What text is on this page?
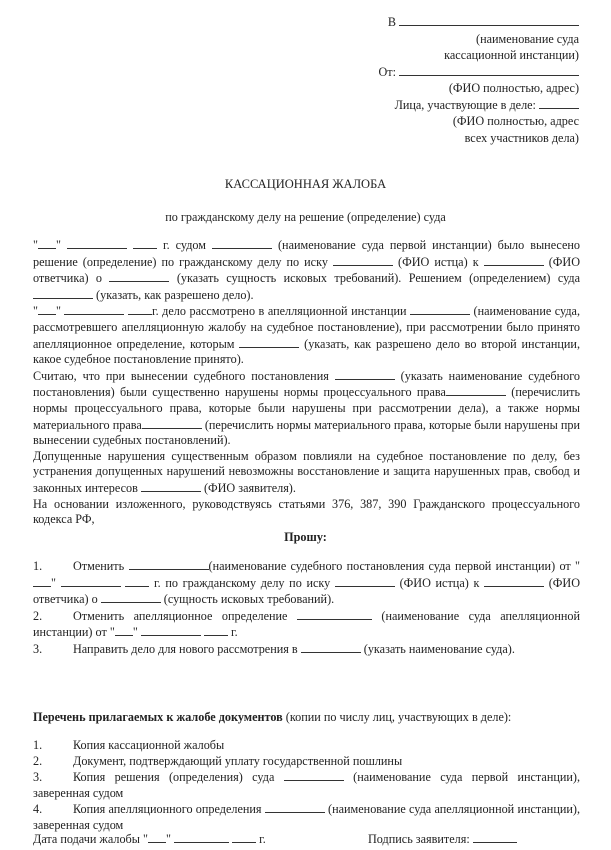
В
(наименование суда
кассационной инстанции)
От:
(ФИО полностью, адрес)
Лица, участвующие в деле:
(ФИО полностью, адрес
всех участников дела)
КАССАЦИОННАЯ ЖАЛОБА
по гражданскому делу на решение (определение) суда

" "	г. судом	(наименование суда первой инстанции) было вынесено решение (определение) по гражданскому делу по иску	(ФИО истца) к	(ФИО ответчика) о	(указать сущность исковых требований). Решением (определением) суда  (указать, как разрешено дело).

" "	г. дело рассмотрено в апелляционной инстанции	(наименование суда, рассмотревшего апелляционную жалобу на судебное постановление), при рассмотрении было принято апелляционное определение, которым	(указать, как разрешено дело во второй инстанции, какое судебное постановление принято).

Считаю, что при вынесении судебного постановления	(указать наименование судебного постановления) были существенно нарушены нормы процессуального права	(перечислить нормы процессуального права, которые были нарушены при рассмотрении дела), а также нормы материального права	(перечислить нормы материального права, которые были нарушены при вынесении судебных постановлений).

Допущенные нарушения существенным образом повлияли на судебное постановление по делу, без устранения допущенных нарушений невозможны восстановление и защита нарушенных прав, свобод и законных интересов	(ФИО заявителя).

На основании изложенного, руководствуясь статьями 376, 387, 390 Гражданского процессуального кодекса РФ,

Прошу:

1.	Отменить	(наименование судебного постановления суда первой инстанции) от ""	г. по гражданскому делу по иску	(ФИО истца) к	(ФИО ответчика) о	(сущность исковых требований).

2.	Отменить апелляционное определение	(наименование суда апелляционной инстанции) от " "	г.

3.	Направить дело для нового рассмотрения в	(указать наименование суда).

Перечень прилагаемых к жалобе документов (копии по числу лиц, участвующих в деле):

1.	Копия кассационной жалобы

2.	Документ, подтверждающий уплату государственной пошлины

3.	Копия решения (определения) суда	(наименование суда первой инстанции), заверенная судом

4.	Копия апелляционного определения	(наименование суда апелляционной инстанции), заверенная судом

Дата подачи жалобы " "	г.	Подпись заявителя:
